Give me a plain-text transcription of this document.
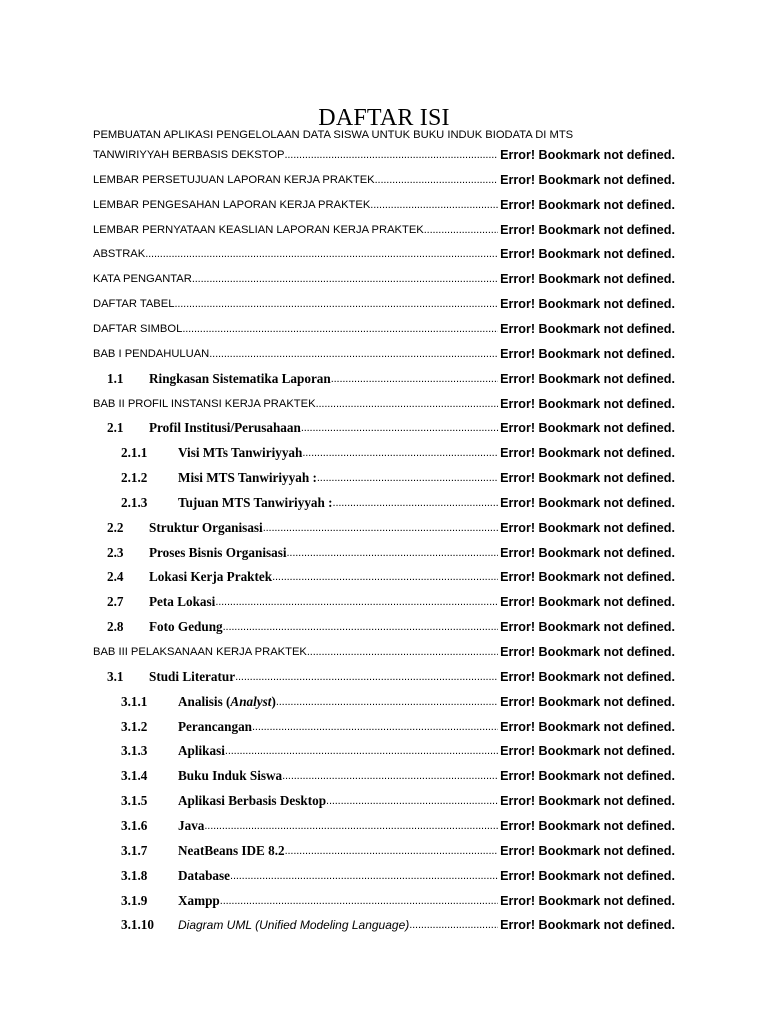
DAFTAR ISI
PEMBUATAN APLIKASI PENGELOLAAN DATA SISWA UNTUK BUKU INDUK BIODATA DI MTS
TANWIRIYYAH BERBASIS DEKSTOP . . .	Error! Bookmark not defined.
LEMBAR PERSETUJUAN LAPORAN KERJA PRAKTEK . . .	Error! Bookmark not defined.
LEMBAR PENGESAHAN LAPORAN KERJA PRAKTEK . . .	Error! Bookmark not defined.
LEMBAR PERNYATAAN KEASLIAN LAPORAN KERJA PRAKTEK . . .	Error! Bookmark not defined.
ABSTRAK . . .	Error! Bookmark not defined.
KATA PENGANTAR . . .	Error! Bookmark not defined.
DAFTAR TABEL . . .	Error! Bookmark not defined.
DAFTAR SIMBOL . . .	Error! Bookmark not defined.
BAB I PENDAHULUAN . . .	Error! Bookmark not defined.
1.1	Ringkasan Sistematika Laporan . . .	Error! Bookmark not defined.
BAB II PROFIL INSTANSI KERJA PRAKTEK . . .	Error! Bookmark not defined.
2.1	Profil Institusi/Perusahaan . . .	Error! Bookmark not defined.
2.1.1	Visi MTs Tanwiriyyah . . .	Error! Bookmark not defined.
2.1.2	Misi MTS Tanwiriyyah : . . .	Error! Bookmark not defined.
2.1.3	Tujuan MTS Tanwiriyyah : . . .	Error! Bookmark not defined.
2.2	Struktur Organisasi . . .	Error! Bookmark not defined.
2.3	Proses Bisnis Organisasi . . .	Error! Bookmark not defined.
2.4	Lokasi Kerja Praktek . . .	Error! Bookmark not defined.
2.7	Peta Lokasi . . .	Error! Bookmark not defined.
2.8	Foto Gedung . . .	Error! Bookmark not defined.
BAB III PELAKSANAAN KERJA PRAKTEK . . .	Error! Bookmark not defined.
3.1	Studi Literatur . . .	Error! Bookmark not defined.
3.1.1	Analisis (Analyst) . . .	Error! Bookmark not defined.
3.1.2	Perancangan . . .	Error! Bookmark not defined.
3.1.3	Aplikasi . . .	Error! Bookmark not defined.
3.1.4	Buku Induk Siswa . . .	Error! Bookmark not defined.
3.1.5	Aplikasi Berbasis Desktop . . .	Error! Bookmark not defined.
3.1.6	Java . . .	Error! Bookmark not defined.
3.1.7	NeatBeans IDE 8.2 . . .	Error! Bookmark not defined.
3.1.8	Database . . .	Error! Bookmark not defined.
3.1.9	Xampp . . .	Error! Bookmark not defined.
3.1.10	Diagram UML (Unified Modeling Language) . . .	Error! Bookmark not defined.
